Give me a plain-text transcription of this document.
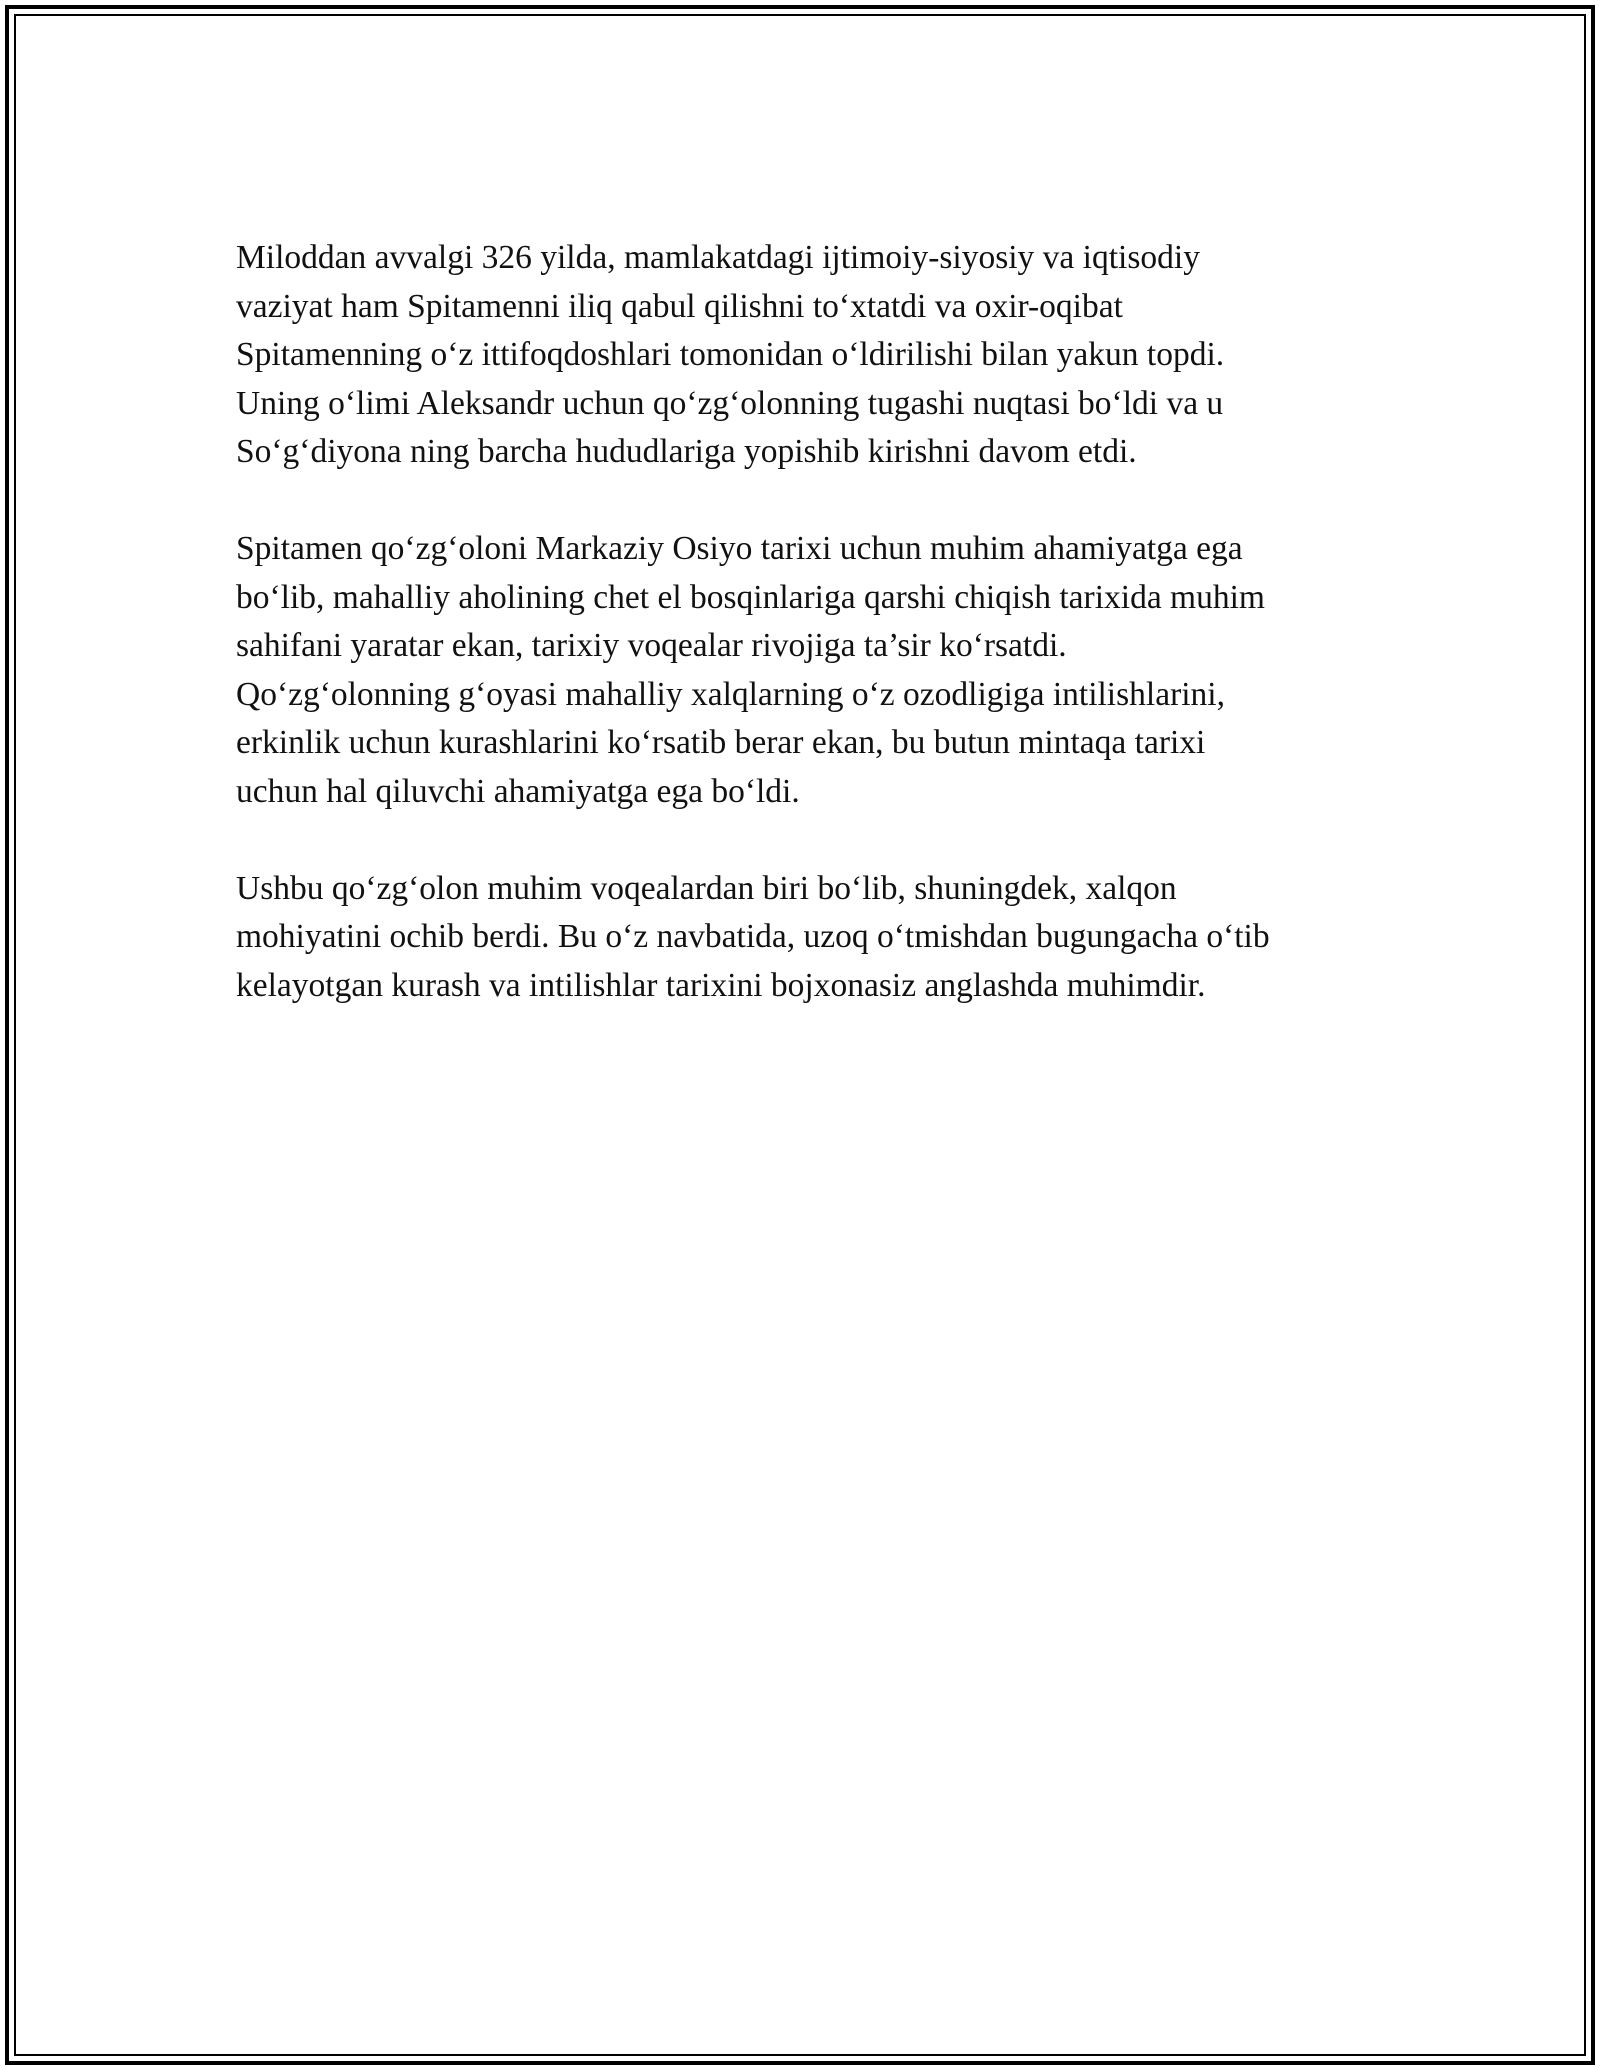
Miloddan avvalgi 326 yilda, mamlakatdagi ijtimoiy-siyosiy va iqtisodiy
vaziyat ham Spitamenni iliq qabul qilishni to‘xtatdi va oxir-oqibat
Spitamenning o‘z ittifoqdoshlari tomonidan o‘ldirilishi bilan yakun topdi.
Uning o‘limi Aleksandr uchun qo‘zg‘olonning tugashi nuqtasi bo‘ldi va u
So‘g‘diyona ning barcha hududlariga yopishib kirishni davom etdi.

Spitamen qo‘zg‘oloni Markaziy Osiyo tarixi uchun muhim ahamiyatga ega
bo‘lib, mahalliy aholining chet el bosqinlariga qarshi chiqish tarixida muhim
sahifani yaratar ekan, tarixiy voqealar rivojiga ta’sir ko‘rsatdi.
Qo‘zg‘olonning g‘oyasi mahalliy xalqlarning o‘z ozodligiga intilishlarini,
erkinlik uchun kurashlarini ko‘rsatib berar ekan, bu butun mintaqa tarixi
uchun hal qiluvchi ahamiyatga ega bo‘ldi.

Ushbu qo‘zg‘olon muhim voqealardan biri bo‘lib, shuningdek, xalqon
mohiyatini ochib berdi. Bu o‘z navbatida, uzoq o‘tmishdan bugungacha o‘tib
kelayotgan kurash va intilishlar tarixini bojxonasiz anglashda muhimdir.
